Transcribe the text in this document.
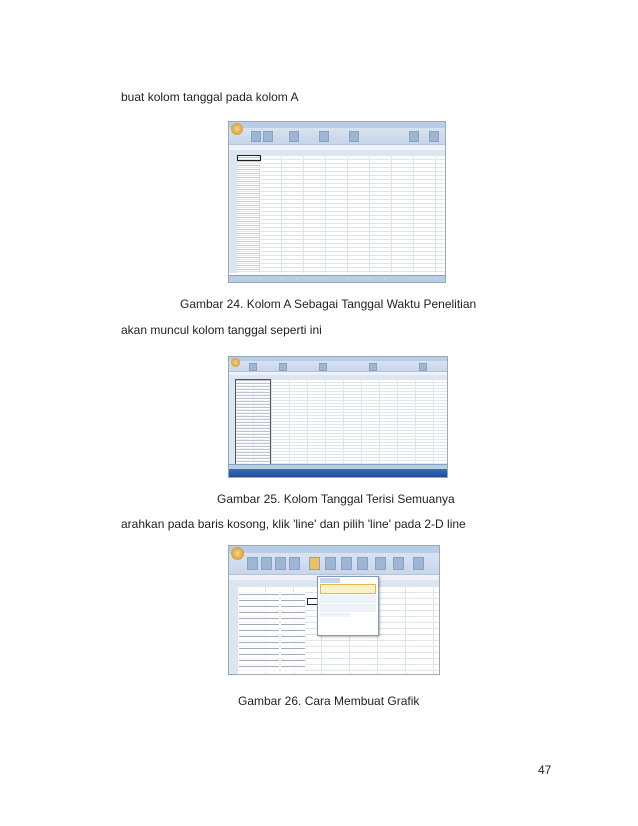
buat kolom tanggal pada kolom A
Gambar 24. Kolom A Sebagai Tanggal Waktu Penelitian
akan muncul kolom tanggal seperti ini
Gambar 25. Kolom Tanggal Terisi Semuanya
arahkan pada baris kosong, klik 'line' dan pilih 'line' pada 2-D line
Gambar 26. Cara Membuat Grafik
47
